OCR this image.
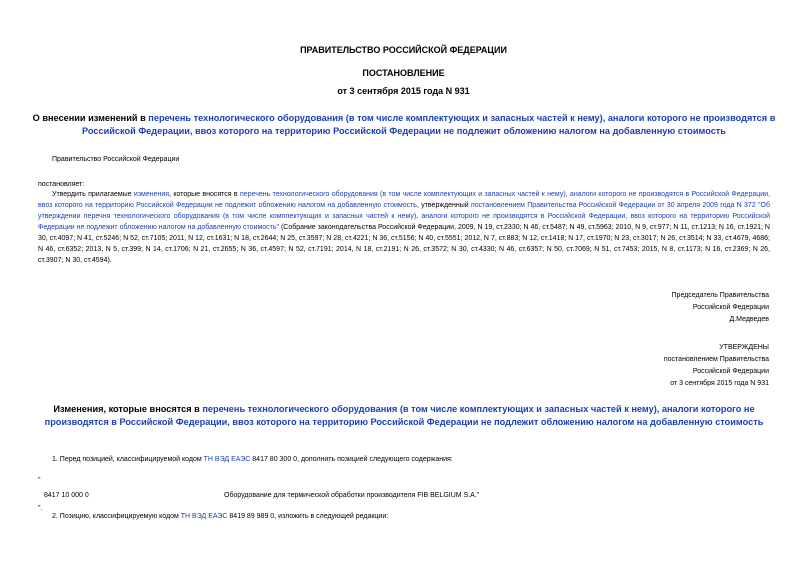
ПРАВИТЕЛЬСТВО РОССИЙСКОЙ ФЕДЕРАЦИИ
ПОСТАНОВЛЕНИЕ
от 3 сентября 2015 года N 931
О внесении изменений в перечень технологического оборудования (в том числе комплектующих и запасных частей к нему), аналоги которого не производятся в Российской Федерации, ввоз которого на территорию Российской Федерации не подлежит обложению налогом на добавленную стоимость
Правительство Российской Федерации
постановляет:
Утвердить прилагаемые изменения, которые вносятся в перечень технологического оборудования (в том числе комплектующих и запасных частей к нему), аналоги которого не производятся в Российской Федерации, ввоз которого на территорию Российской Федерации не подлежит обложению налогом на добавленную стоимость, утвержденный постановлением Правительства Российской Федерации от 30 апреля 2009 года N 372 "Об утверждении перечня технологического оборудования (в том числе комплектующих и запасных частей к нему), аналоги которого не производятся в Российской Федерации, ввоз которого на территорию Российской Федерации не подлежит обложению налогом на добавленную стоимость" (Собрание законодательства Российской Федерации, 2009, N 19, ст.2330; N 46, ст.5487; N 49, ст.5963; 2010, N 9, ст.977; N 11, ст.1213; N 16, ст.1921; N 30, ст.4097; N 41, ст.5246; N 52, ст.7105; 2011, N 12, ст.1631; N 18, ст.2644; N 25, ст.3597; N 28, ст.4221; N 36, ст.5156; N 40, ст.5551; 2012, N 7, ст.883; N 12, ст.1418; N 17, ст.1970; N 23, ст.3017; N 26, ст.3514; N 33, ст.4679, 4686; N 46, ст.6352; 2013, N 5, ст.399; N 14, ст.1706; N 21, ст.2655; N 36, ст.4597; N 52, ст.7191; 2014, N 18, ст.2191; N 26, ст.3572; N 30, ст.4330; N 46, ст.6357; N 50, ст.7069; N 51, ст.7453; 2015, N 8, ст.1173; N 16, ст.2369; N 26, ст.3907; N 30, ст.4594).
Председатель Правительства
Российской Федерации
Д.Медведев
УТВЕРЖДЕНЫ
постановлением Правительства
Российской Федерации
от 3 сентября 2015 года N 931
Изменения, которые вносятся в перечень технологического оборудования (в том числе комплектующих и запасных частей к нему), аналоги которого не производятся в Российской Федерации, ввоз которого на территорию Российской Федерации не подлежит обложению налогом на добавленную стоимость
1. Перед позицией, классифицируемой кодом ТН ВЭД ЕАЭС 8417 80 300 0, дополнить позицией следующего содержания:
"
8417 10 000 0	Оборудование для термической обработки производителя FIB BELGIUM S.A."
".
2. Позицию, классифицируемую кодом ТН ВЭД ЕАЭС 8419 89 989 0, изложить в следующей редакции:
